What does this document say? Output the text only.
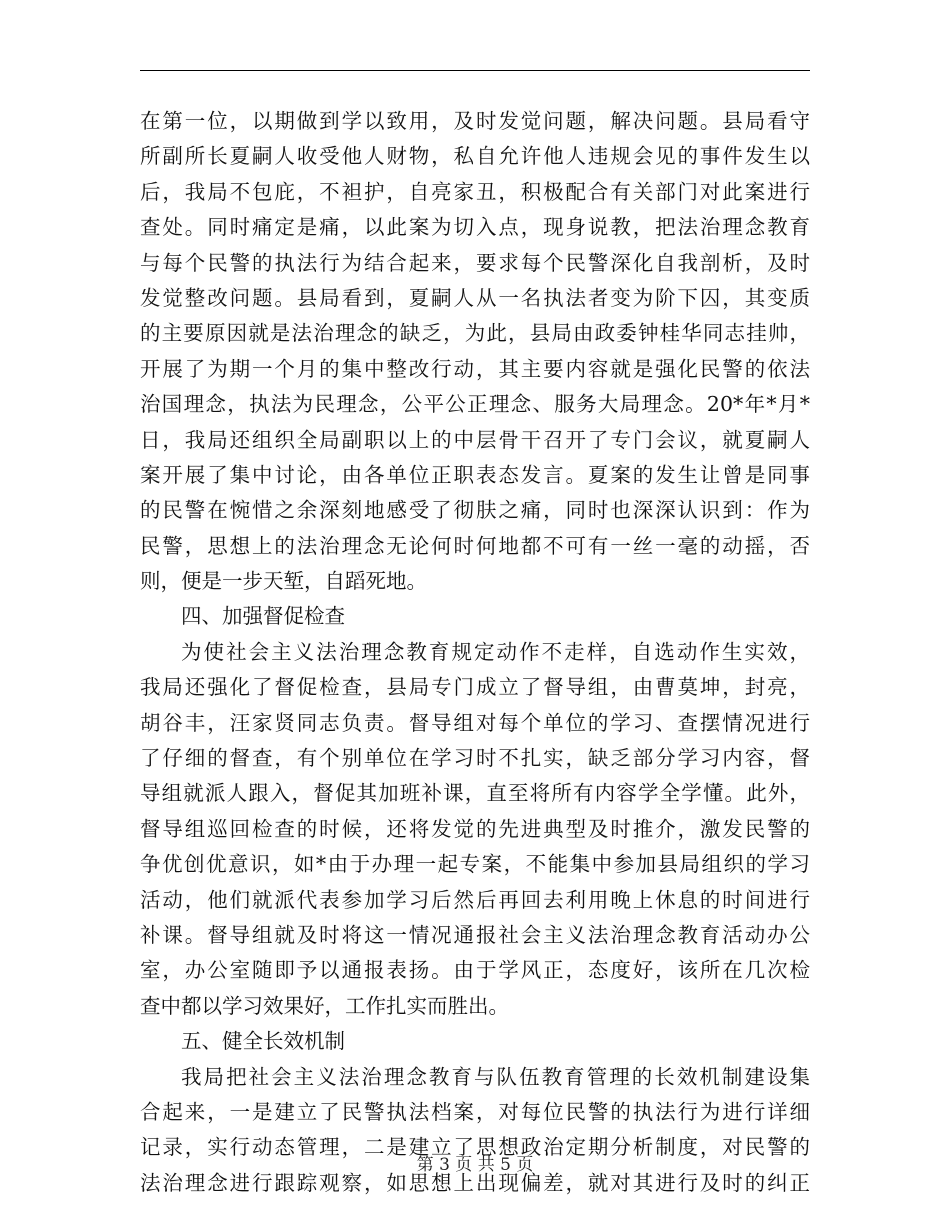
在第一位，以期做到学以致用，及时发觉问题，解决问题。县局看守
所副所长夏嗣人收受他人财物，私自允许他人违规会见的事件发生以
后，我局不包庇，不袒护，自亮家丑，积极配合有关部门对此案进行
查处。同时痛定是痛，以此案为切入点，现身说教，把法治理念教育
与每个民警的执法行为结合起来，要求每个民警深化自我剖析，及时
发觉整改问题。县局看到，夏嗣人从一名执法者变为阶下囚，其变质
的主要原因就是法治理念的缺乏，为此，县局由政委钟桂华同志挂帅，
开展了为期一个月的集中整改行动，其主要内容就是强化民警的依法
治国理念，执法为民理念，公平公正理念、服务大局理念。20*年*月*
日，我局还组织全局副职以上的中层骨干召开了专门会议，就夏嗣人
案开展了集中讨论，由各单位正职表态发言。夏案的发生让曾是同事
的民警在惋惜之余深刻地感受了彻肤之痛，同时也深深认识到：作为
民警，思想上的法治理念无论何时何地都不可有一丝一毫的动摇，否
则，便是一步天堑，自蹈死地。
四、加强督促检查
为使社会主义法治理念教育规定动作不走样，自选动作生实效，
我局还强化了督促检查，县局专门成立了督导组，由曹莫坤，封亮，
胡谷丰，汪家贤同志负责。督导组对每个单位的学习、查摆情况进行
了仔细的督查，有个别单位在学习时不扎实，缺乏部分学习内容，督
导组就派人跟入，督促其加班补课，直至将所有内容学全学懂。此外，
督导组巡回检查的时候，还将发觉的先进典型及时推介，激发民警的
争优创优意识，如*由于办理一起专案，不能集中参加县局组织的学习
活动，他们就派代表参加学习后然后再回去利用晚上休息的时间进行
补课。督导组就及时将这一情况通报社会主义法治理念教育活动办公
室，办公室随即予以通报表扬。由于学风正，态度好，该所在几次检
查中都以学习效果好，工作扎实而胜出。
五、健全长效机制
我局把社会主义法治理念教育与队伍教育管理的长效机制建设集
合起来，一是建立了民警执法档案，对每位民警的执法行为进行详细
记录，实行动态管理，二是建立了思想政治定期分析制度，对民警的
法治理念进行跟踪观察，如思想上出现偏差，就对其进行及时的纠正
第 3 页 共 5 页
